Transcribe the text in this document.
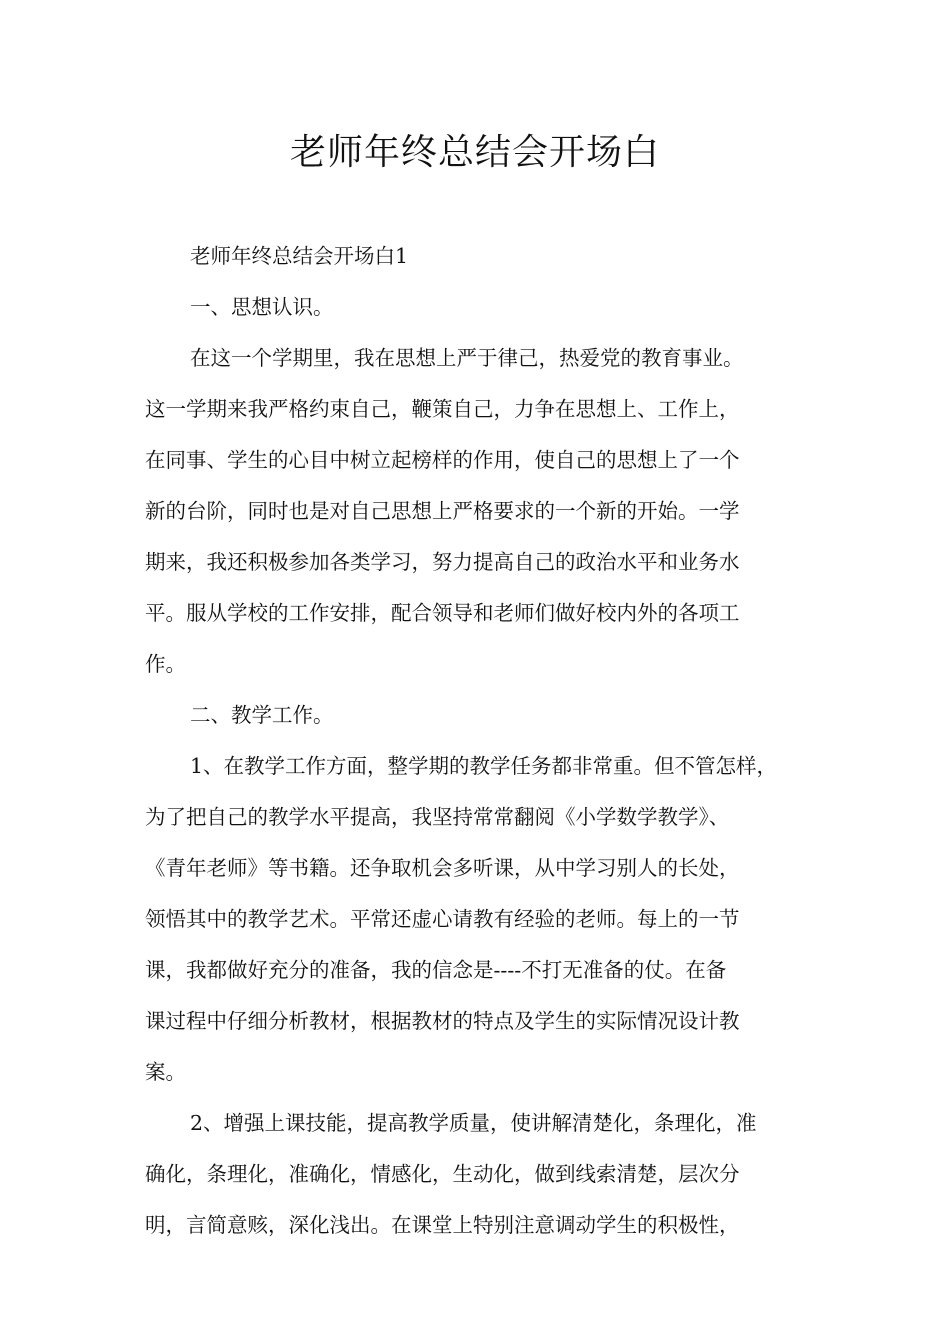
老师年终总结会开场白

老师年终总结会开场白1

一、思想认识。

在这一个学期里，我在思想上严于律己，热爱党的教育事业。
这一学期来我严格约束自己，鞭策自己，力争在思想上、工作上，
在同事、学生的心目中树立起榜样的作用，使自己的思想上了一个
新的台阶，同时也是对自己思想上严格要求的一个新的开始。一学
期来，我还积极参加各类学习，努力提高自己的政治水平和业务水
平。服从学校的工作安排，配合领导和老师们做好校内外的各项工
作。

二、教学工作。

1、在教学工作方面，整学期的教学任务都非常重。但不管怎样，
为了把自己的教学水平提高，我坚持常常翻阅《小学数学教学》、
《青年老师》等书籍。还争取机会多听课，从中学习别人的长处，
领悟其中的教学艺术。平常还虚心请教有经验的老师。每上的一节
课，我都做好充分的准备，我的信念是----不打无准备的仗。在备
课过程中仔细分析教材，根据教材的特点及学生的实际情况设计教
案。

2、增强上课技能，提高教学质量，使讲解清楚化，条理化，准
确化，条理化，准确化，情感化，生动化，做到线索清楚，层次分
明，言简意赅，深化浅出。在课堂上特别注意调动学生的积极性，
